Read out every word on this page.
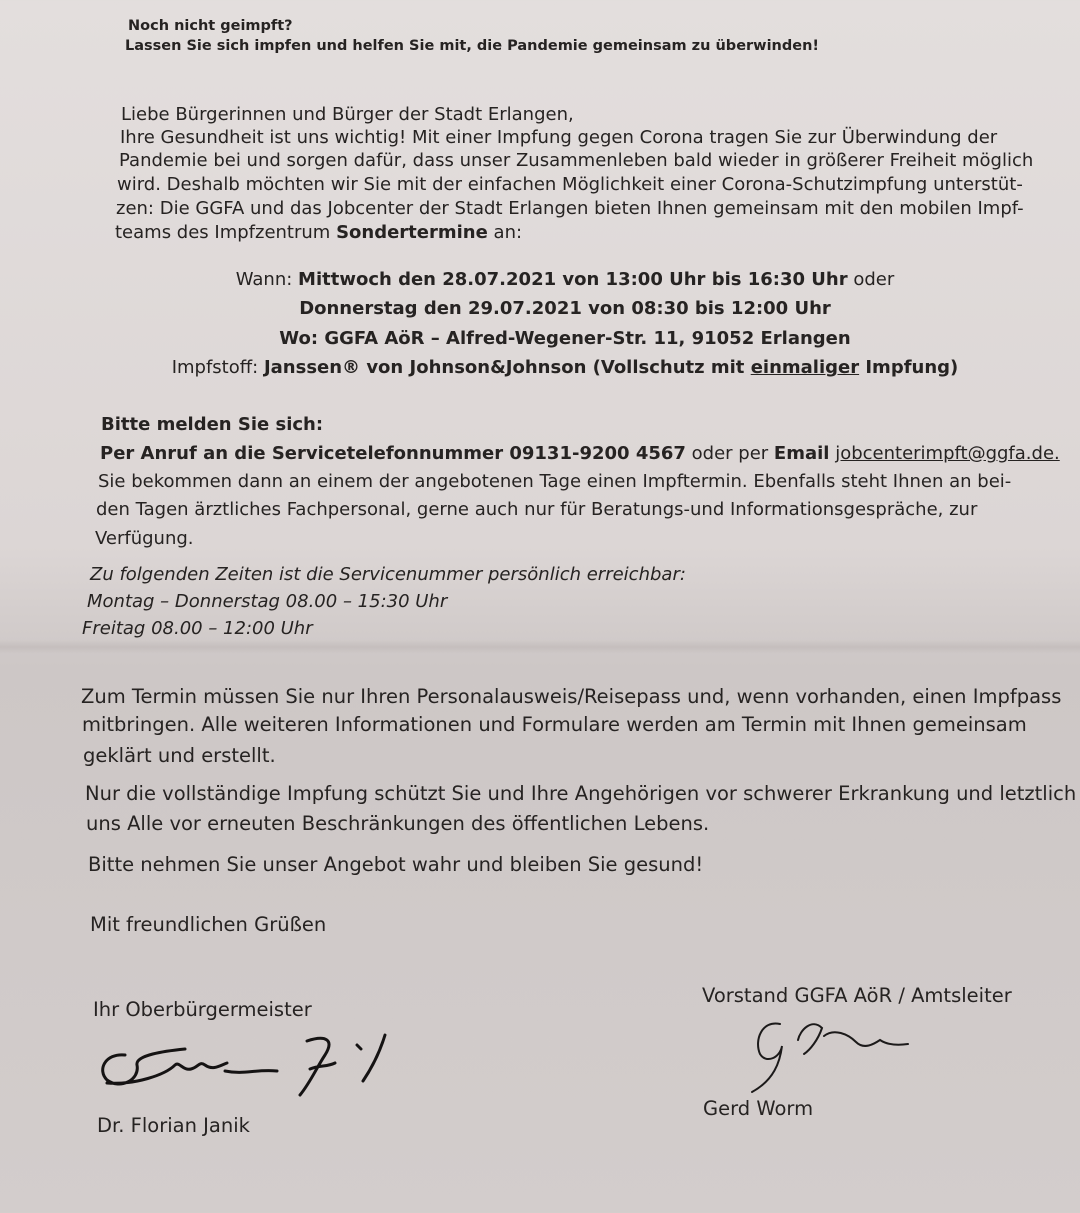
Noch nicht geimpft?
Lassen Sie sich impfen und helfen Sie mit, die Pandemie gemeinsam zu überwinden!
Liebe Bürgerinnen und Bürger der Stadt Erlangen,
Ihre Gesundheit ist uns wichtig! Mit einer Impfung gegen Corona tragen Sie zur Überwindung der
Pandemie bei und sorgen dafür, dass unser Zusammenleben bald wieder in größerer Freiheit möglich
wird. Deshalb möchten wir Sie mit der einfachen Möglichkeit einer Corona-Schutzimpfung unterstüt-
zen: Die GGFA und das Jobcenter der Stadt Erlangen bieten Ihnen gemeinsam mit den mobilen Impf-
teams des Impfzentrum Sondertermine an:
Wann: Mittwoch den 28.07.2021 von 13:00 Uhr bis 16:30 Uhr oder
Donnerstag den 29.07.2021 von 08:30 bis 12:00 Uhr
Wo: GGFA AöR – Alfred-Wegener-Str. 11, 91052 Erlangen
Impfstoff: Janssen® von Johnson&Johnson (Vollschutz mit einmaliger Impfung)
Bitte melden Sie sich:
Per Anruf an die Servicetelefonnummer 09131-9200 4567 oder per Email jobcenterimpft@ggfa.de.
Sie bekommen dann an einem der angebotenen Tage einen Impftermin. Ebenfalls steht Ihnen an bei-
den Tagen ärztliches Fachpersonal, gerne auch nur für Beratungs-und Informationsgespräche, zur
Verfügung.
Zu folgenden Zeiten ist die Servicenummer persönlich erreichbar:
Montag – Donnerstag 08.00 – 15:30 Uhr
Freitag 08.00 – 12:00 Uhr
Zum Termin müssen Sie nur Ihren Personalausweis/Reisepass und, wenn vorhanden, einen Impfpass
mitbringen. Alle weiteren Informationen und Formulare werden am Termin mit Ihnen gemeinsam
geklärt und erstellt.
Nur die vollständige Impfung schützt Sie und Ihre Angehörigen vor schwerer Erkrankung und letztlich
uns Alle vor erneuten Beschränkungen des öffentlichen Lebens.
Bitte nehmen Sie unser Angebot wahr und bleiben Sie gesund!
Mit freundlichen Grüßen
Ihr Oberbürgermeister
Dr. Florian Janik
Vorstand GGFA AöR / Amtsleiter
Gerd Worm
